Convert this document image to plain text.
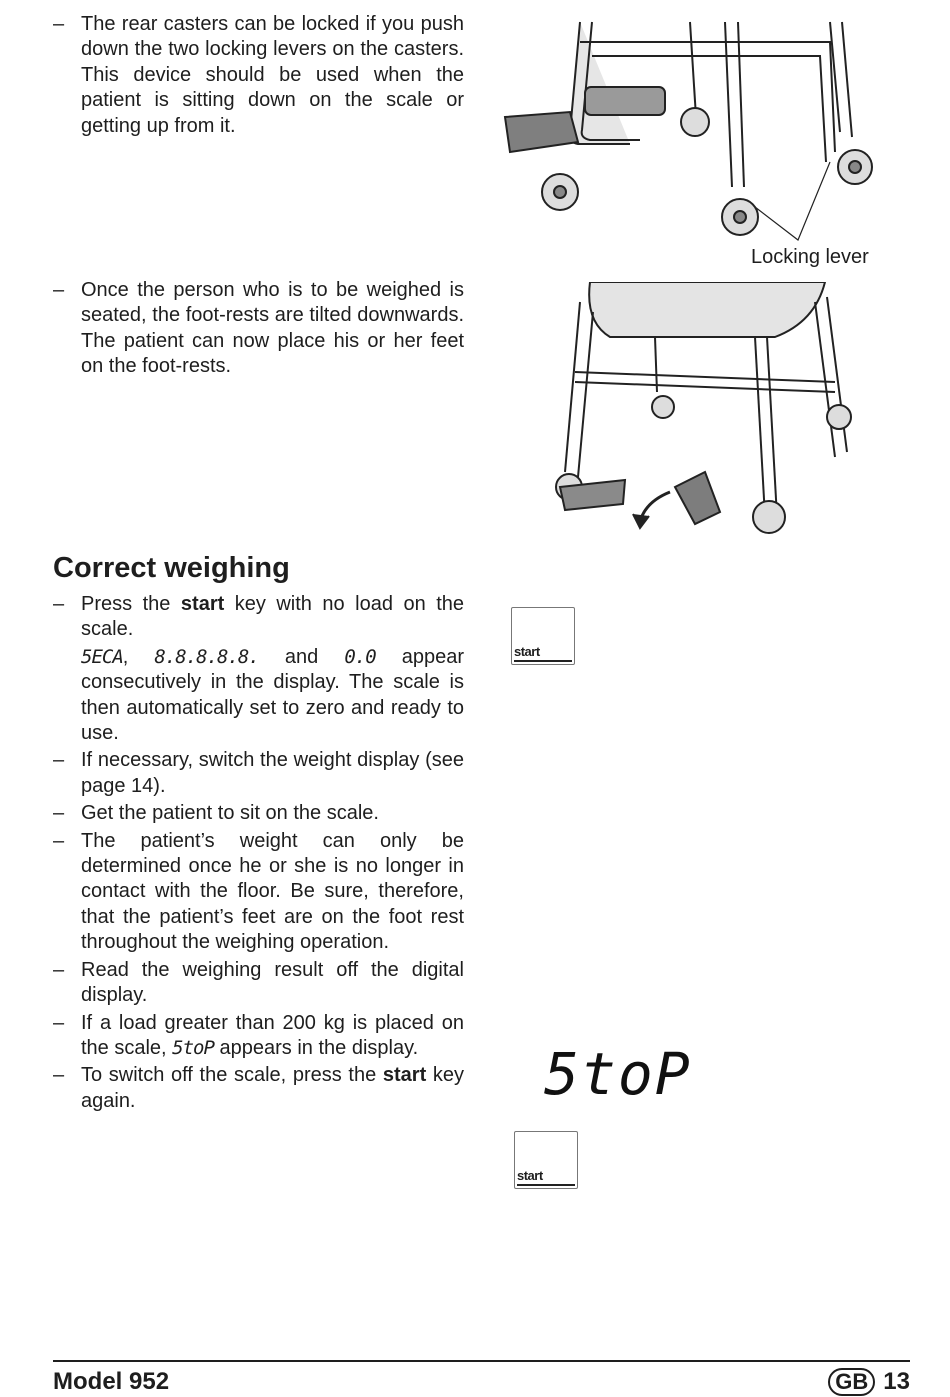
– The rear casters can be locked if you push down the two locking levers on the casters. This device should be used when the patient is sitting down on the scale or getting up from it.

Locking lever
– Once the person who is to be weighed is seated, the foot-rests are tilted downwards. The patient can now place his or her feet on the foot-rests.

Correct weighing
– Press the start key with no load on the scale.

5ECA, 8.8.8.8.8. and 0.0 appear consecutively in the display. The scale is then automatically set to zero and ready to use.

– If necessary, switch the weight display (see page 14).

– Get the patient to sit on the scale.

– The patient’s weight can only be determined once he or she is no longer in contact with the floor. Be sure, therefore, that the patient’s feet are on the foot rest throughout the weighing operation.

– Read the weighing result off the digital display.

– If a load greater than 200 kg is placed on the scale, 5toP appears in the display.

– To switch off the scale, press the start key again.

start
5toP
start
Model 952	GB 13
